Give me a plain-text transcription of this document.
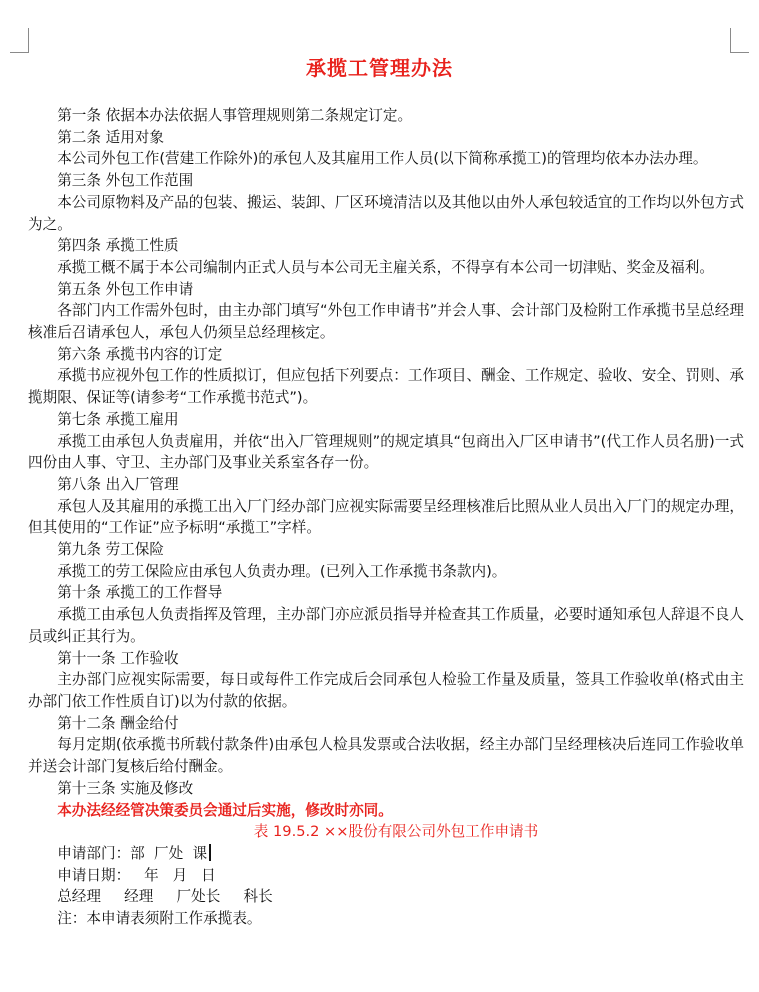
承揽工管理办法

第一条 依据本办法依据人事管理规则第二条规定订定。

第二条 适用对象

本公司外包工作(营建工作除外)的承包人及其雇用工作人员(以下简称承揽工)的管理均依本办法办理。

第三条 外包工作范围

本公司原物料及产品的包装、搬运、装卸、厂区环境清洁以及其他以由外人承包较适宜的工作均以外包方式为之。

第四条 承揽工性质

承揽工概不属于本公司编制内正式人员与本公司无主雇关系，不得享有本公司一切津贴、奖金及福利。

第五条 外包工作申请

各部门内工作需外包时，由主办部门填写“外包工作申请书”并会人事、会计部门及检附工作承揽书呈总经理核准后召请承包人，承包人仍须呈总经理核定。

第六条 承揽书内容的订定

承揽书应视外包工作的性质拟订，但应包括下列要点：工作项目、酬金、工作规定、验收、安全、罚则、承揽期限、保证等(请参考“工作承揽书范式”)。

第七条 承揽工雇用

承揽工由承包人负责雇用，并依“出入厂管理规则”的规定填具“包商出入厂区申请书”(代工作人员名册)一式四份由人事、守卫、主办部门及事业关系室各存一份。

第八条 出入厂管理

承包人及其雇用的承揽工出入厂门经办部门应视实际需要呈经理核准后比照从业人员出入厂门的规定办理，但其使用的“工作证”应予标明“承揽工”字样。

第九条 劳工保险

承揽工的劳工保险应由承包人负责办理。(已列入工作承揽书条款内)。

第十条 承揽工的工作督导

承揽工由承包人负责指挥及管理，主办部门亦应派员指导并检查其工作质量，必要时通知承包人辞退不良人员或纠正其行为。

第十一条 工作验收

主办部门应视实际需要，每日或每件工作完成后会同承包人检验工作量及质量，签具工作验收单(格式由主办部门依工作性质自订)以为付款的依据。

第十二条 酬金给付

每月定期(依承揽书所载付款条件)由承包人检具发票或合法收据，经主办部门呈经理核决后连同工作验收单并送会计部门复核后给付酬金。

第十三条 实施及修改

本办法经经管决策委员会通过后实施，修改时亦同。

表 19.5.2 ××股份有限公司外包工作申请书

申请部门：部  厂处  课

申请日期：   年   月   日

总经理     经理     厂处长     科长

注：本申请表须附工作承揽表。
